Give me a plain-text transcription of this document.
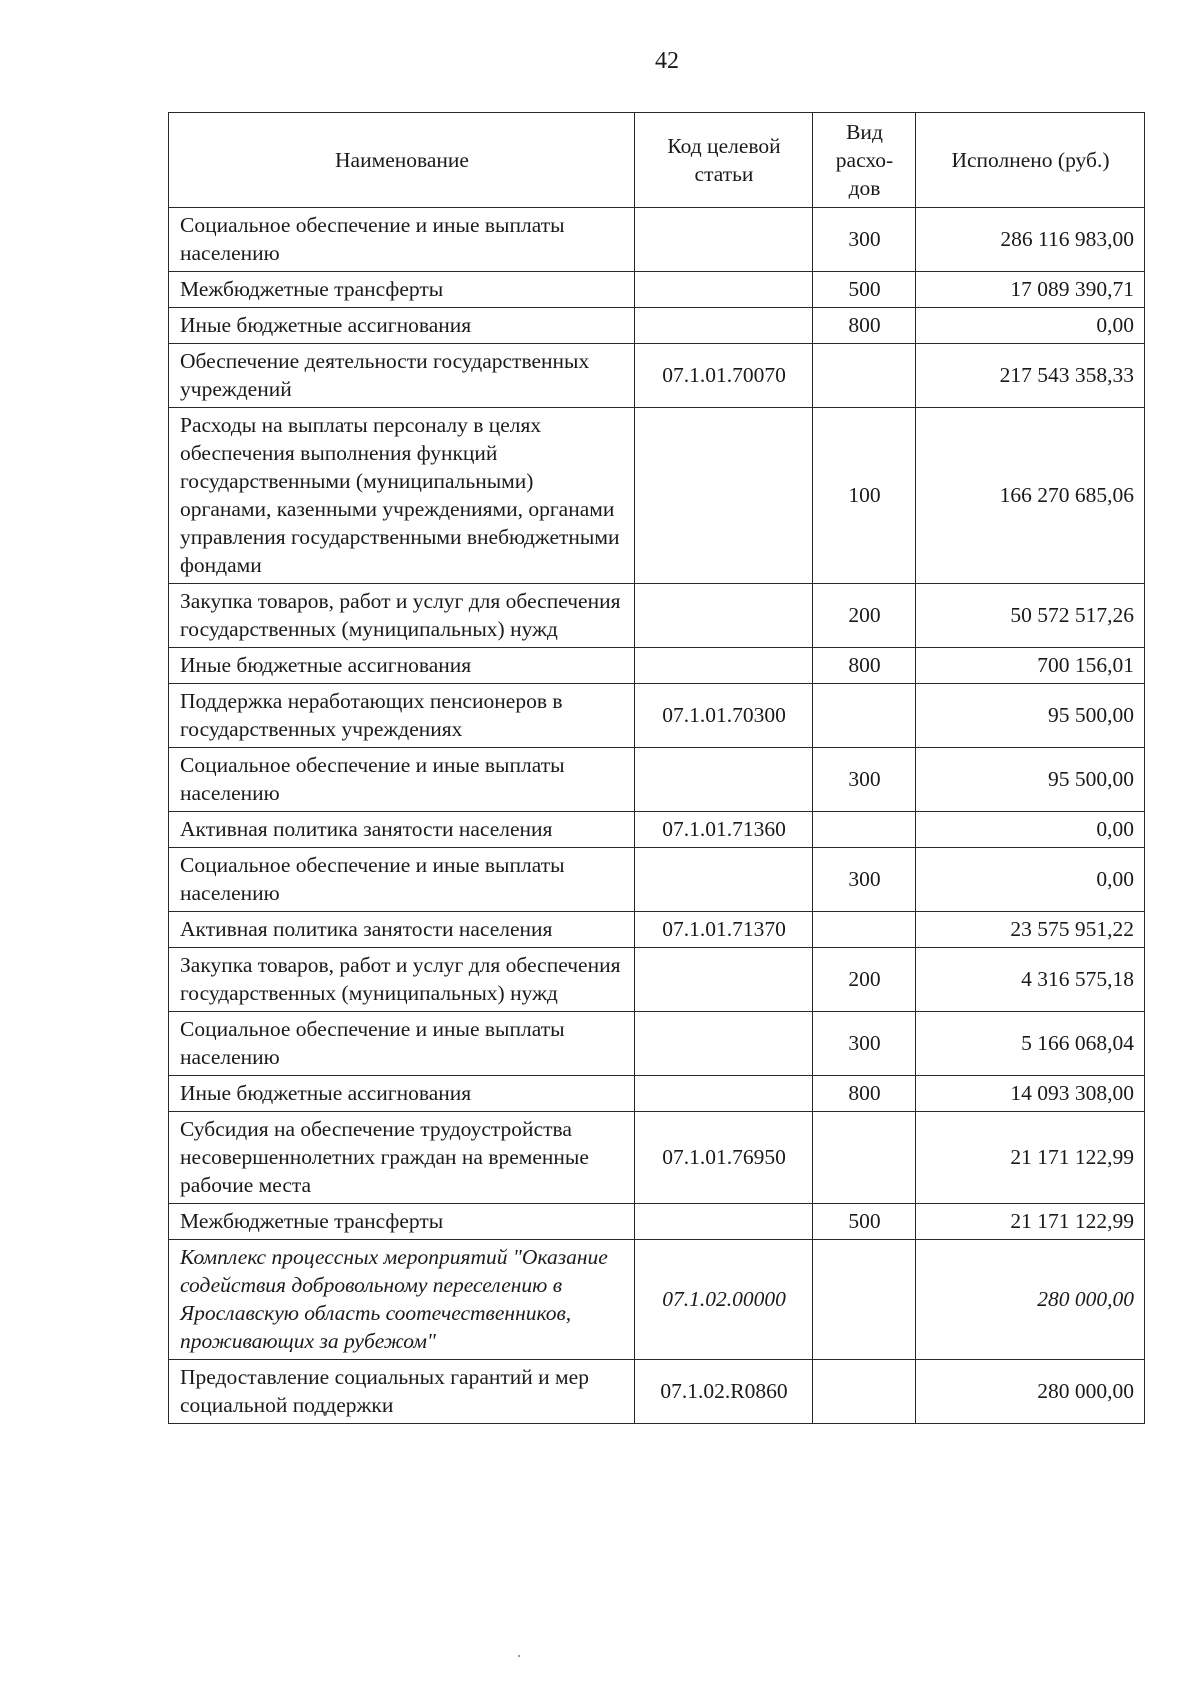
42
Наименование	Код целевой статьи	Вид расхо-дов	Исполнено (руб.)
Социальное обеспечение и иные выплаты населению		300	286 116 983,00
Межбюджетные трансферты		500	17 089 390,71
Иные бюджетные ассигнования		800	0,00
Обеспечение деятельности государственных учреждений	07.1.01.70070		217 543 358,33
Расходы на выплаты персоналу в целях обеспечения выполнения функций государственными (муниципальными) органами, казенными учреждениями, органами управления государственными внебюджетными фондами		100	166 270 685,06
Закупка товаров, работ и услуг для обеспечения государственных (муниципальных) нужд		200	50 572 517,26
Иные бюджетные ассигнования		800	700 156,01
Поддержка неработающих пенсионеров в государственных учреждениях	07.1.01.70300		95 500,00
Социальное обеспечение и иные выплаты населению		300	95 500,00
Активная политика занятости населения	07.1.01.71360		0,00
Социальное обеспечение и иные выплаты населению		300	0,00
Активная политика занятости населения	07.1.01.71370		23 575 951,22
Закупка товаров, работ и услуг для обеспечения государственных (муниципальных) нужд		200	4 316 575,18
Социальное обеспечение и иные выплаты населению		300	5 166 068,04
Иные бюджетные ассигнования		800	14 093 308,00
Субсидия на обеспечение трудоустройства несовершеннолетних граждан на временные рабочие места	07.1.01.76950		21 171 122,99
Межбюджетные трансферты		500	21 171 122,99
Комплекс процессных мероприятий "Оказание содействия добровольному переселению в Ярославскую область соотечественников, проживающих за рубежом"	07.1.02.00000		280 000,00
Предоставление социальных гарантий и мер социальной поддержки	07.1.02.R0860		280 000,00
